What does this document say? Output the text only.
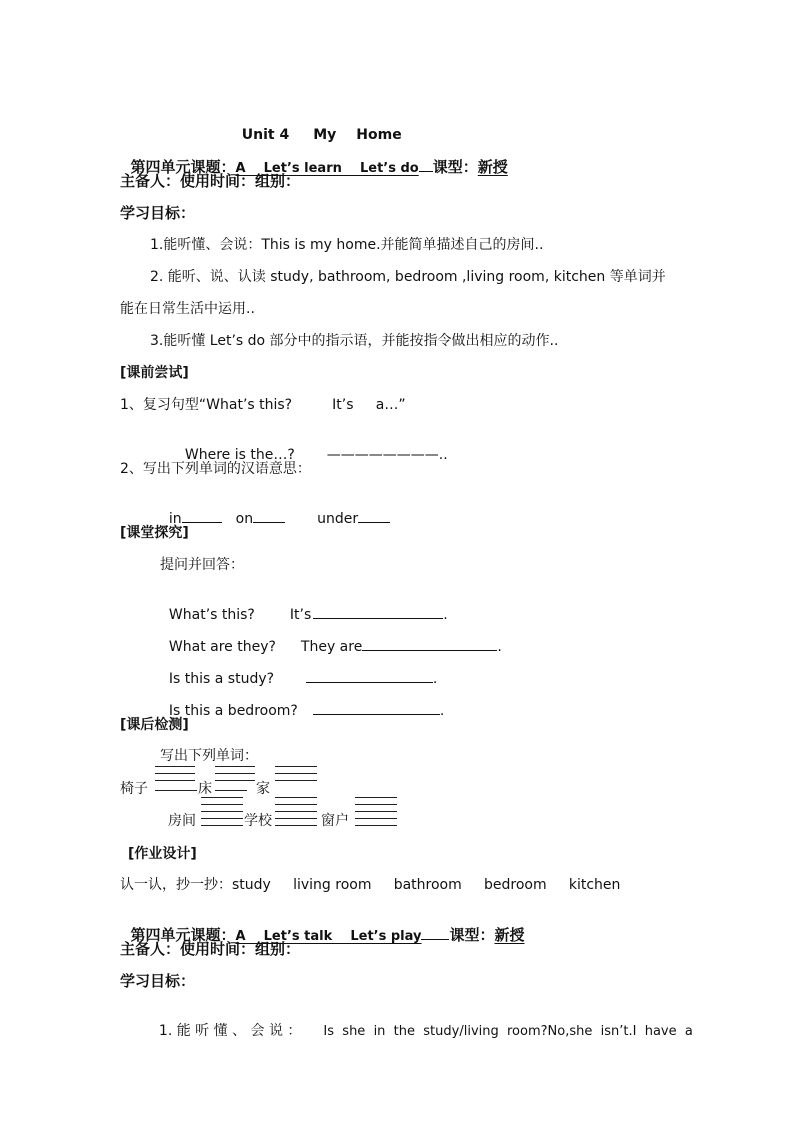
Unit 4 My Home

第四单元课题：A    Let’s learn    Let’s do 课型：新授

主备人：使用时间：组别：
学习目标：
1.能听懂、会说：This is my home.并能简单描述自己的房间..
2. 能听、说、认读 study, bathroom, bedroom ,living room, kitchen 等单词并
能在日常生活中运用..
3.能听懂 Let’s do 部分中的指示语，并能按指令做出相应的动作..
[课前尝试]
1、复习句型“What’s this?         It’s     a…”

Where is the…? ————————..

2、写出下列单词的汉语意思：

in	on	under

[课堂探究]
提问并回答：

What’s this?	It’s	.

What are they? They are	.

Is this a study?	.

Is this a bedroom?	.

[课后检测]
写出下列单词：
椅子	床	家
房间	学校	窗户
[作业设计]
认一认，抄一抄：study     living room     bathroom     bedroom     kitchen

第四单元课题：A    Let’s talk    Let’s play 课型：新授

主备人：使用时间：组别：
学习目标：

1. 能 听 懂 、 会 说 ： Is  she  in  the  study/living  room?No,she  isn’t.I  have  a
